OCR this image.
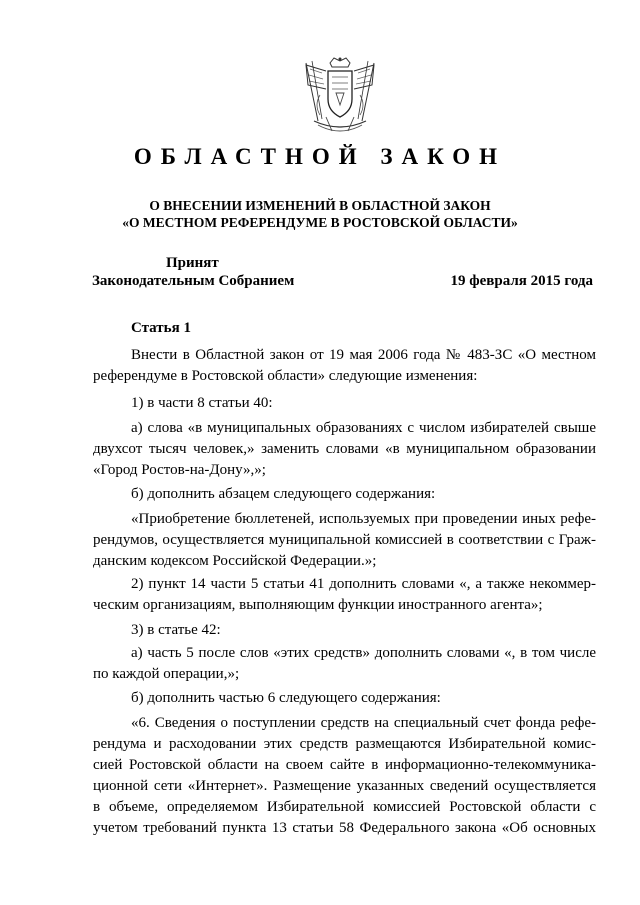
ОБЛАСТНОЙ ЗАКОН
О ВНЕСЕНИИ ИЗМЕНЕНИЙ В ОБЛАСТНОЙ ЗАКОН
«О МЕСТНОМ РЕФЕРЕНДУМЕ В РОСТОВСКОЙ ОБЛАСТИ»
Принят
Законодательным Собранием	19 февраля 2015 года
Статья 1
Внести в Областной закон от 19 мая 2006 года № 483-ЗС «О местном
референдуме в Ростовской области» следующие изменения:
1) в части 8 статьи 40:
а) слова «в муниципальных образованиях с числом избирателей свыше
двухсот тысяч человек,» заменить словами «в муниципальном образовании
«Город Ростов-на-Дону»,»;
б) дополнить абзацем следующего содержания:
«Приобретение бюллетеней, используемых при проведении иных рефе-
рендумов, осуществляется муниципальной комиссией в соответствии с Граж-
данским кодексом Российской Федерации.»;
2) пункт 14 части 5 статьи 41 дополнить словами «, а также некоммер-
ческим организациям, выполняющим функции иностранного агента»;
3) в статье 42:
а) часть 5 после слов «этих средств» дополнить словами «, в том числе
по каждой операции,»;
б) дополнить частью 6 следующего содержания:
«6. Сведения о поступлении средств на специальный счет фонда рефе-
рендума и расходовании этих средств размещаются Избирательной комис-
сией Ростовской области на своем сайте в информационно-телекоммуника-
ционной сети «Интернет». Размещение указанных сведений осуществляется
в объеме, определяемом Избирательной комиссией Ростовской области с
учетом требований пункта 13 статьи 58 Федерального закона «Об основных
